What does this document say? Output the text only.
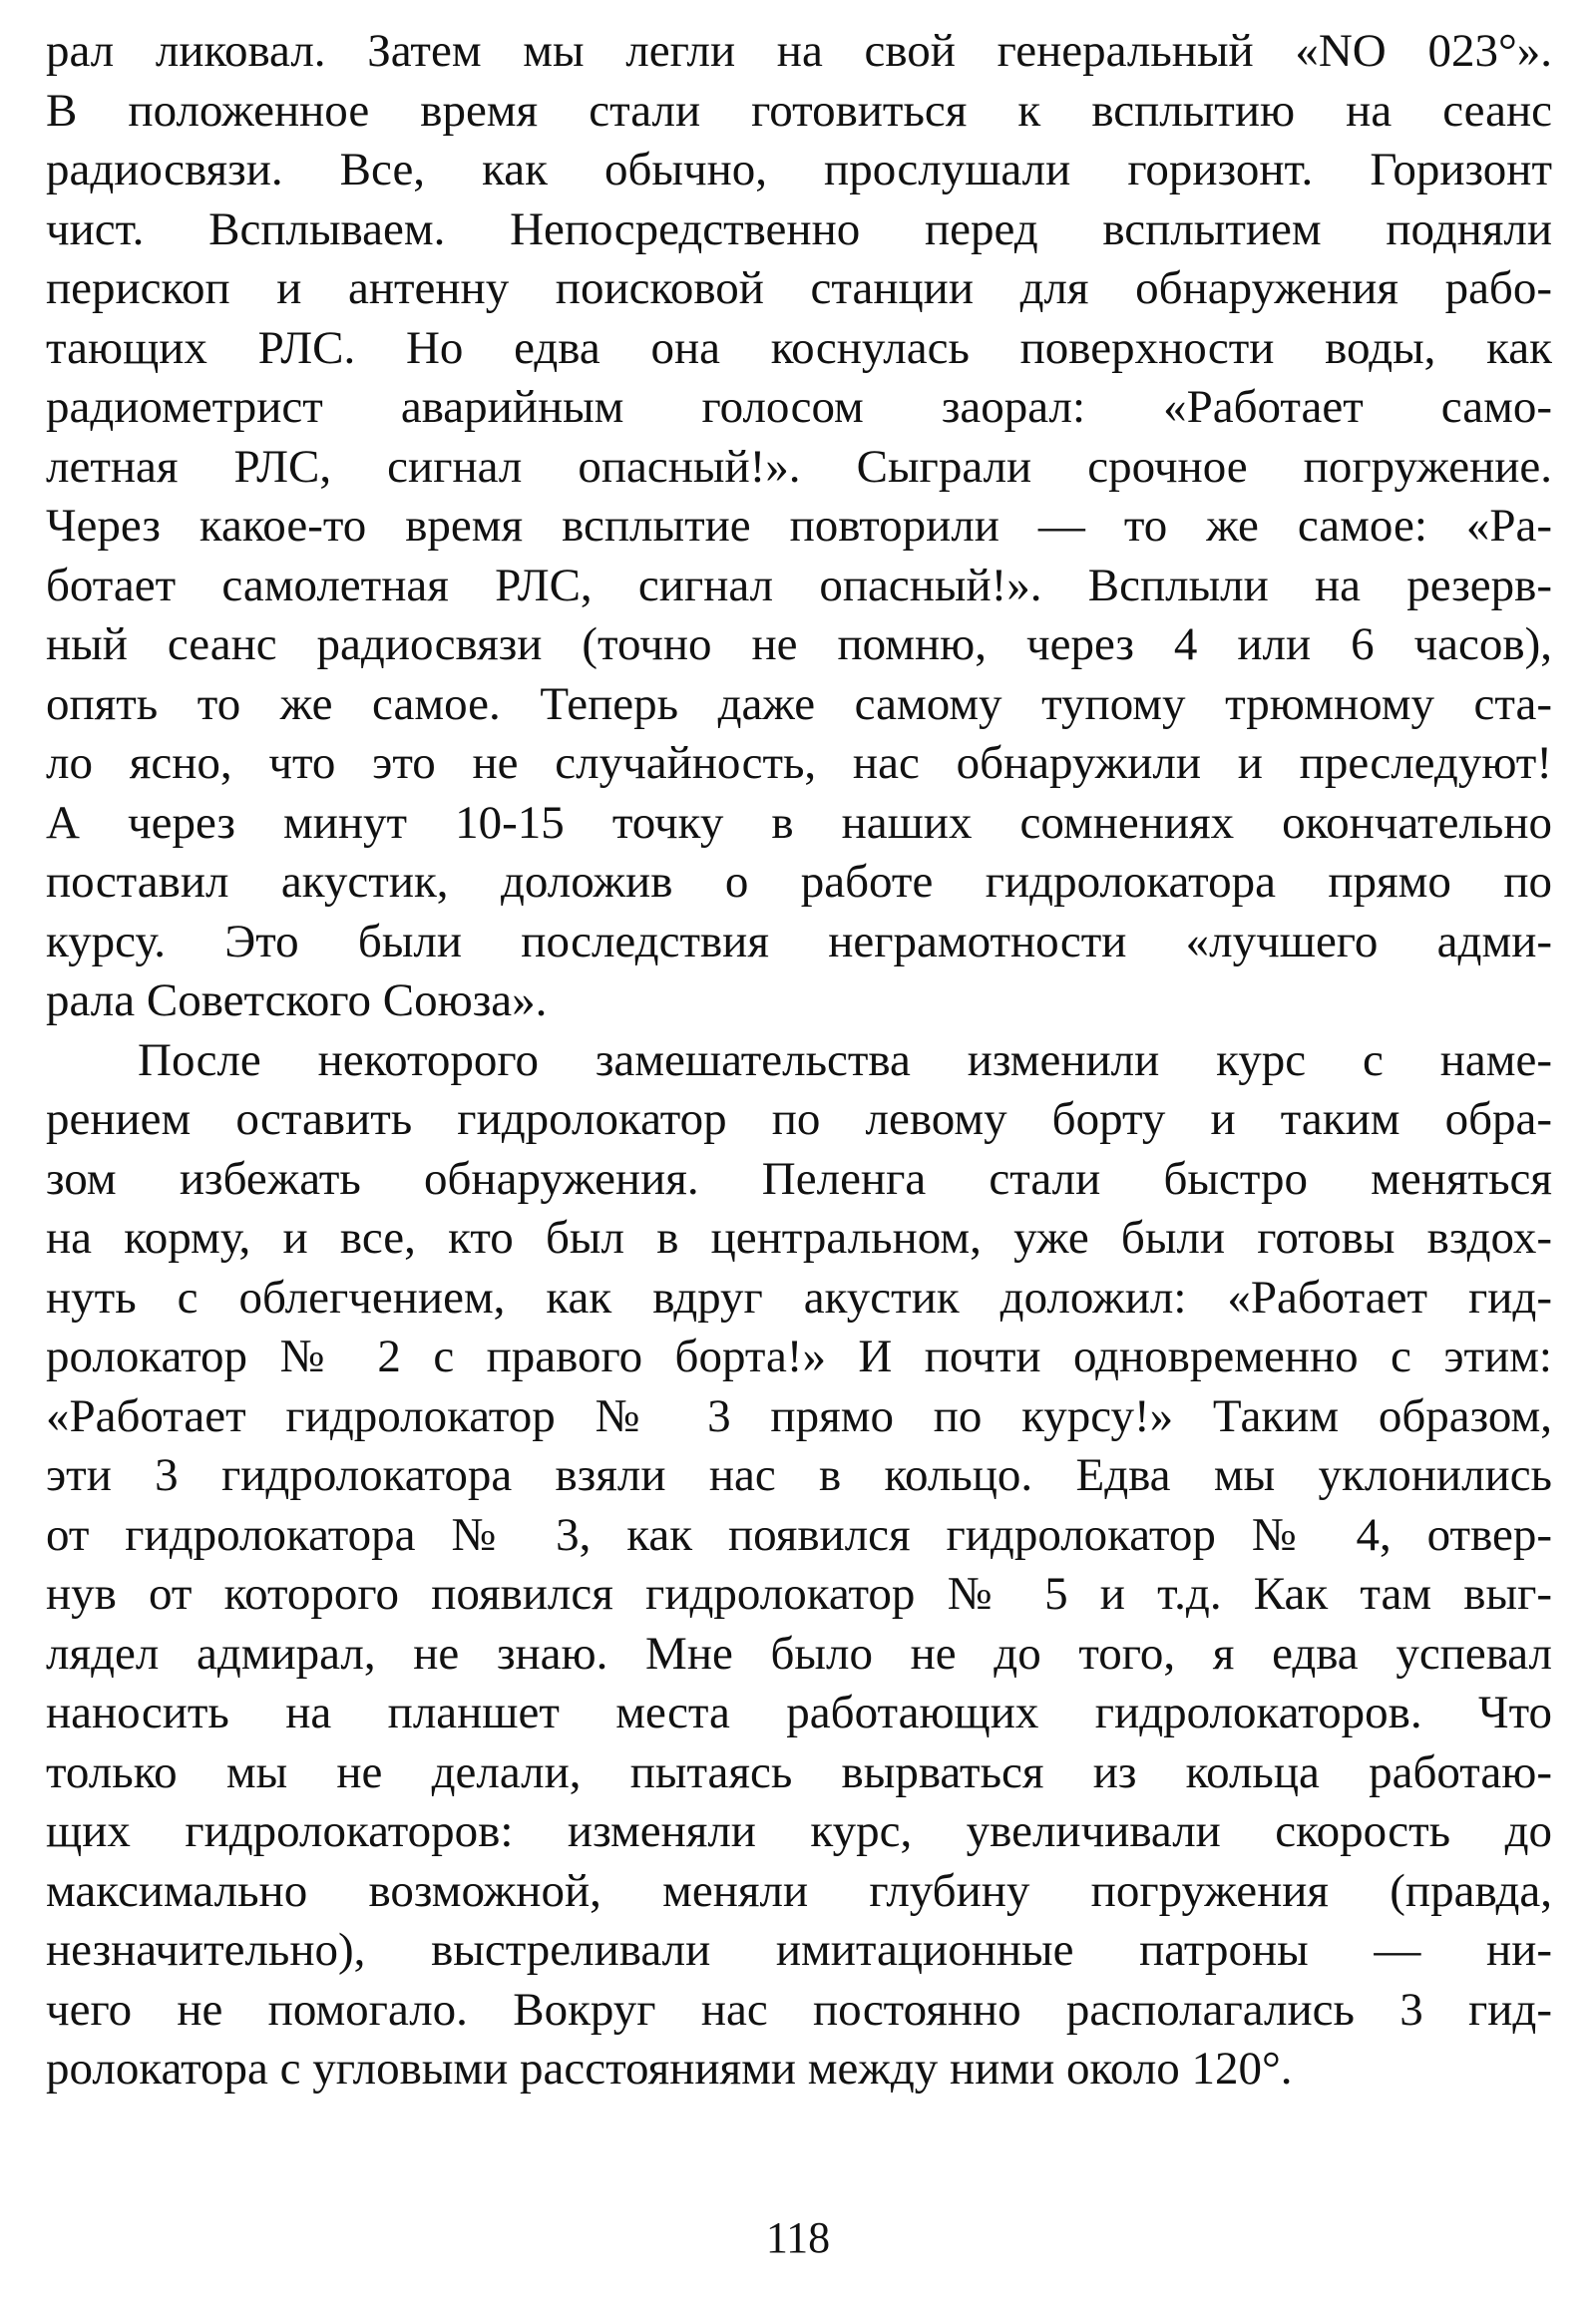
рал ликовал. Затем мы легли на свой генеральный «NO 023°».
В положенное время стали готовиться к всплытию на сеанс
радиосвязи. Все, как обычно, прослушали горизонт. Горизонт
чист. Всплываем. Непосредственно перед всплытием подняли
перископ и антенну поисковой станции для обнаружения рабо-
тающих РЛС. Но едва она коснулась поверхности воды, как
радиометрист аварийным голосом заорал: «Работает само-
летная РЛС, сигнал опасный!». Сыграли срочное погружение.
Через какое-то время всплытие повторили — то же самое: «Ра-
ботает самолетная РЛС, сигнал опасный!». Всплыли на резерв-
ный сеанс радиосвязи (точно не помню, через 4 или 6 часов),
опять то же самое. Теперь даже самому тупому трюмному ста-
ло ясно, что это не случайность, нас обнаружили и преследуют!
А через минут 10-15 точку в наших сомнениях окончательно
поставил акустик, доложив о работе гидролокатора прямо по
курсу. Это были последствия неграмотности «лучшего адми-
рала Советского Союза».
После некоторого замешательства изменили курс с наме-
рением оставить гидролокатор по левому борту и таким обра-
зом избежать обнаружения. Пеленга стали быстро меняться
на корму, и все, кто был в центральном, уже были готовы вздох-
нуть с облегчением, как вдруг акустик доложил: «Работает гид-
ролокатор № 2 с правого борта!» И почти одновременно с этим:
«Работает гидролокатор № 3 прямо по курсу!» Таким образом,
эти 3 гидролокатора взяли нас в кольцо. Едва мы уклонились
от гидролокатора № 3, как появился гидролокатор № 4, отвер-
нув от которого появился гидролокатор № 5 и т.д. Как там выг-
лядел адмирал, не знаю. Мне было не до того, я едва успевал
наносить на планшет места работающих гидролокаторов. Что
только мы не делали, пытаясь вырваться из кольца работаю-
щих гидролокаторов: изменяли курс, увеличивали скорость до
максимально возможной, меняли глубину погружения (правда,
незначительно), выстреливали имитационные патроны — ни-
чего не помогало. Вокруг нас постоянно располагались 3 гид-
ролокатора с угловыми расстояниями между ними около 120°.
118
